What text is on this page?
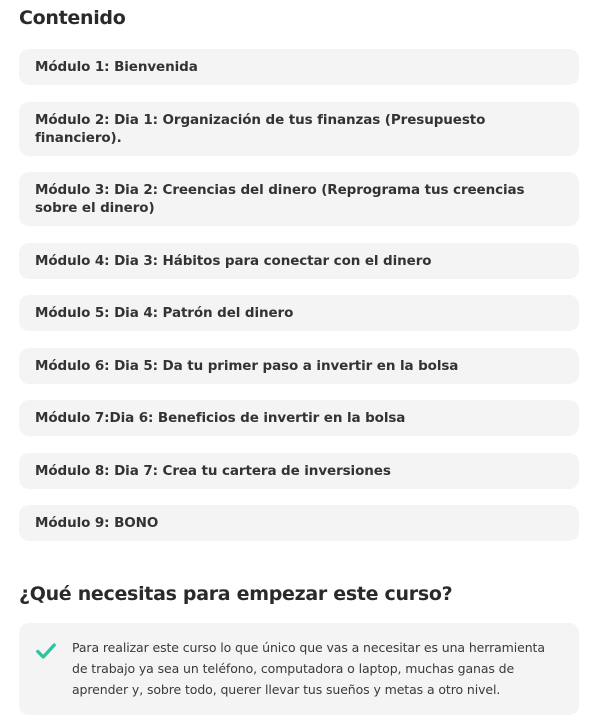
Contenido
Módulo 1: Bienvenida
Módulo 2: Dia 1: Organización de tus finanzas (Presupuesto financiero).
Módulo 3: Dia 2: Creencias del dinero (Reprograma tus creencias sobre el dinero)
Módulo 4: Dia 3: Hábitos para conectar con el dinero
Módulo 5: Dia 4: Patrón del dinero
Módulo 6: Dia 5: Da tu primer paso a invertir en la bolsa
Módulo 7:Dia 6: Beneficios de invertir en la bolsa
Módulo 8: Dia 7: Crea tu cartera de inversiones
Módulo 9: BONO
¿Qué necesitas para empezar este curso?

Para realizar este curso lo que único que vas a necesitar es una herramienta de trabajo ya sea un teléfono, computadora o laptop, muchas ganas de aprender y, sobre todo, querer llevar tus sueños y metas a otro nivel.
